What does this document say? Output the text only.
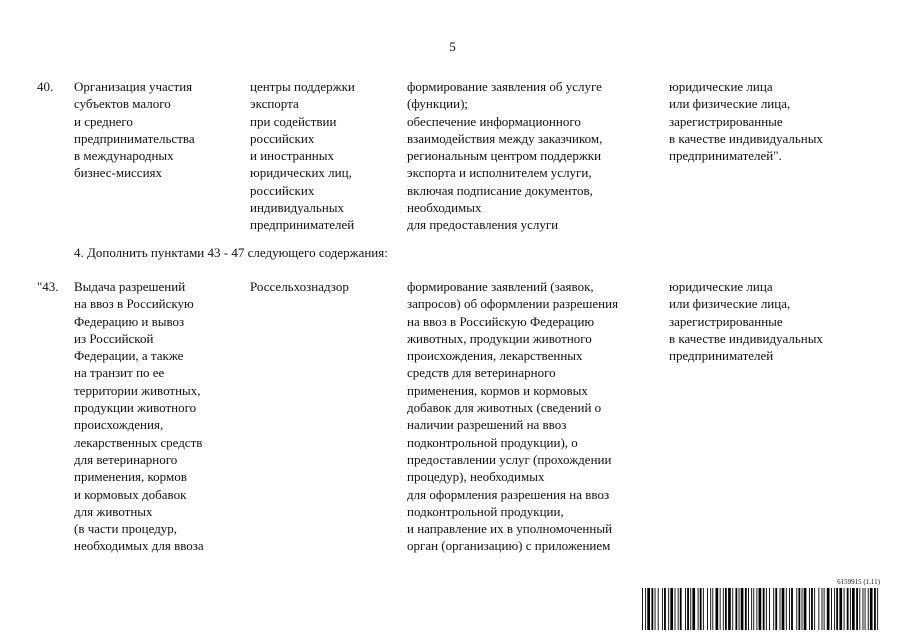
5
40. Организация участия
субъектов малого
и среднего
предпринимательства
в международных
бизнес-миссиях
центры поддержки
экспорта
при содействии
российских
и иностранных
юридических лиц,
российских
индивидуальных
предпринимателей
формирование заявления об услуге
(функции);
обеспечение информационного
взаимодействия между заказчиком,
региональным центром поддержки
экспорта и исполнителем услуги,
включая подписание документов,
необходимых
для предоставления услуги
юридические лица
или физические лица,
зарегистрированные
в качестве индивидуальных
предпринимателей".
4. Дополнить пунктами 43 - 47 следующего содержания:
"43. Выдача разрешений
на ввоз в Российскую
Федерацию и вывоз
из Российской
Федерации, а также
на транзит по ее
территории животных,
продукции животного
происхождения,
лекарственных средств
для ветеринарного
применения, кормов
и кормовых добавок
для животных
(в части процедур,
необходимых для ввоза
Россельхознадзор	формирование заявлений (заявок,
запросов) об оформлении разрешения
на ввоз в Российскую Федерацию
животных, продукции животного
происхождения, лекарственных
средств для ветеринарного
применения, кормов и кормовых
добавок для животных (сведений о
наличии разрешений на ввоз
подконтрольной продукции), о
предоставлении услуг (прохождении
процедур), необходимых
для оформления разрешения на ввоз
подконтрольной продукции,
и направление их в уполномоченный
орган (организацию) с приложением
юридические лица
или физические лица,
зарегистрированные
в качестве индивидуальных
предпринимателей
6159915 (1.11)
